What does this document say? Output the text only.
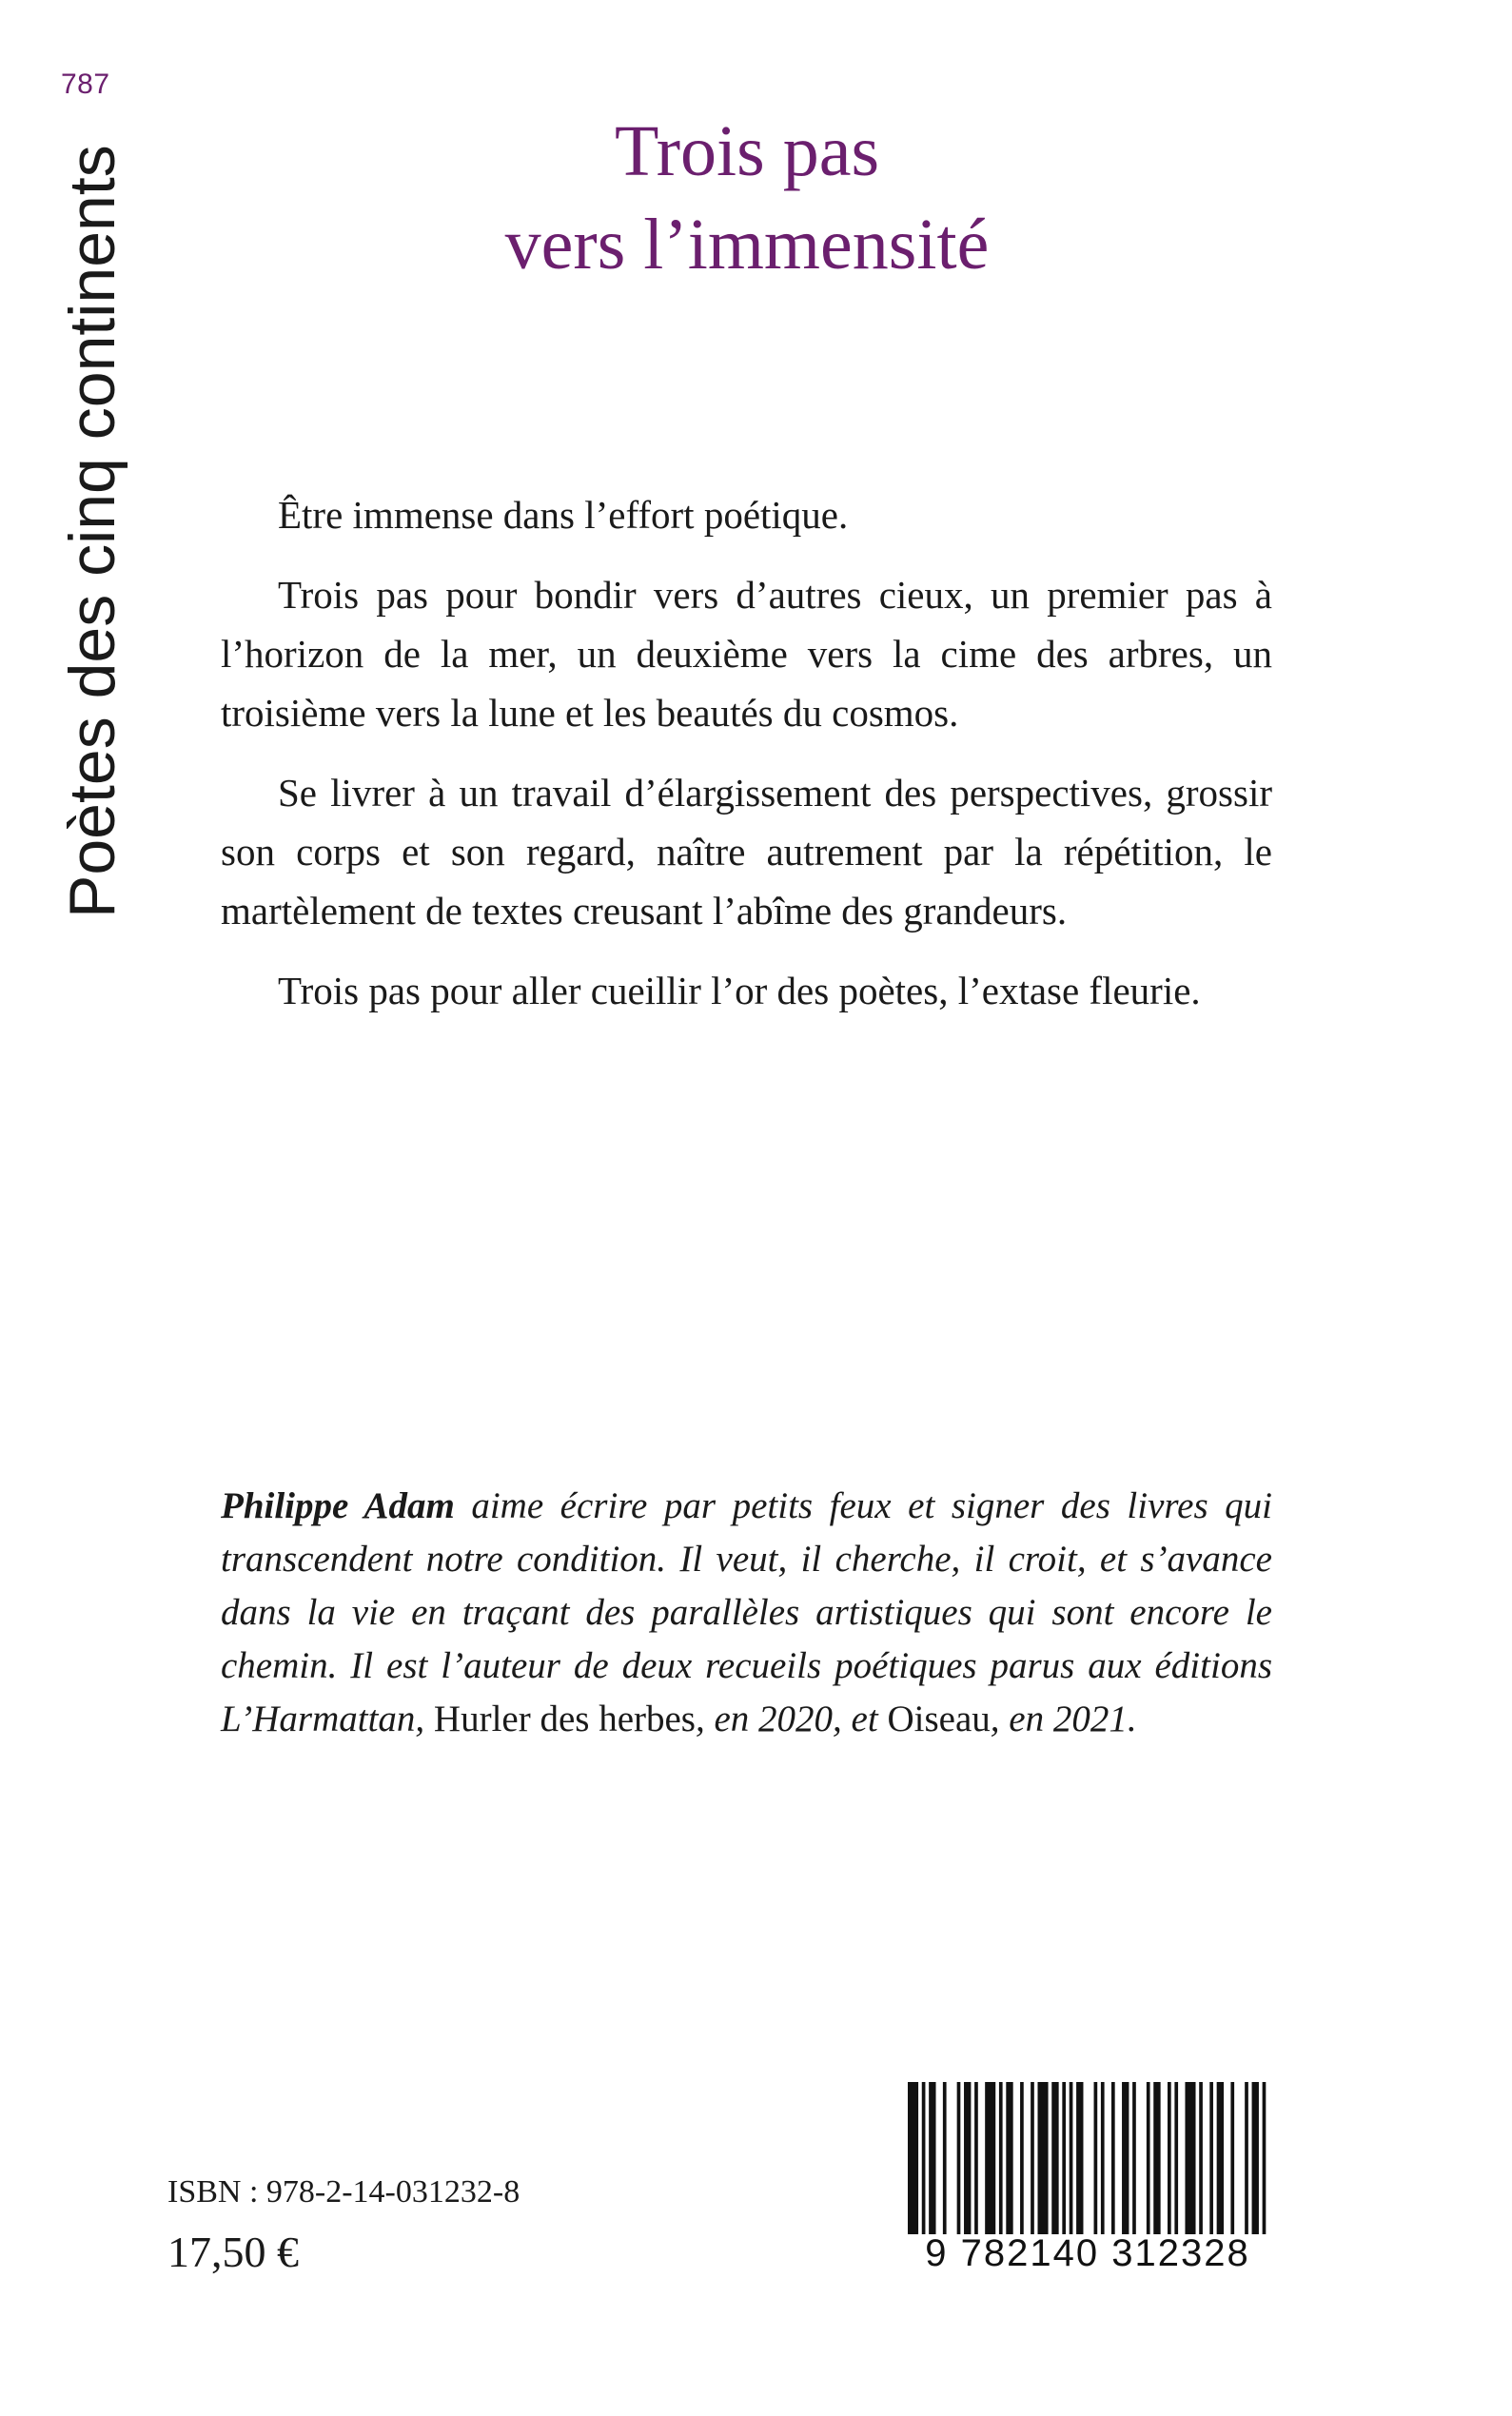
787
Poètes des cinq continents	Trois pas
vers l’immensité

Être immense dans l’effort poétique.

Trois pas pour bondir vers d’autres cieux, un premier pas à l’horizon de la mer, un deuxième vers la cime des arbres, un troisième vers la lune et les beautés du cosmos.

Se livrer à un travail d’élargissement des perspectives, grossir son corps et son regard, naître autrement par la répétition, le martèlement de textes creusant l’abîme des grandeurs.

Trois pas pour aller cueillir l’or des poètes, l’extase fleurie.

Philippe Adam aime écrire par petits feux et signer des livres qui transcendent notre condition. Il veut, il cherche, il croit, et s’avance dans la vie en traçant des parallèles artistiques qui sont encore le chemin. Il est l’auteur de deux recueils poétiques parus aux éditions L’Harmattan, Hurler des herbes, en 2020, et Oiseau, en 2021.
ISBN : 978-2-14-031232-8
17,50 €	9 782140 312328
